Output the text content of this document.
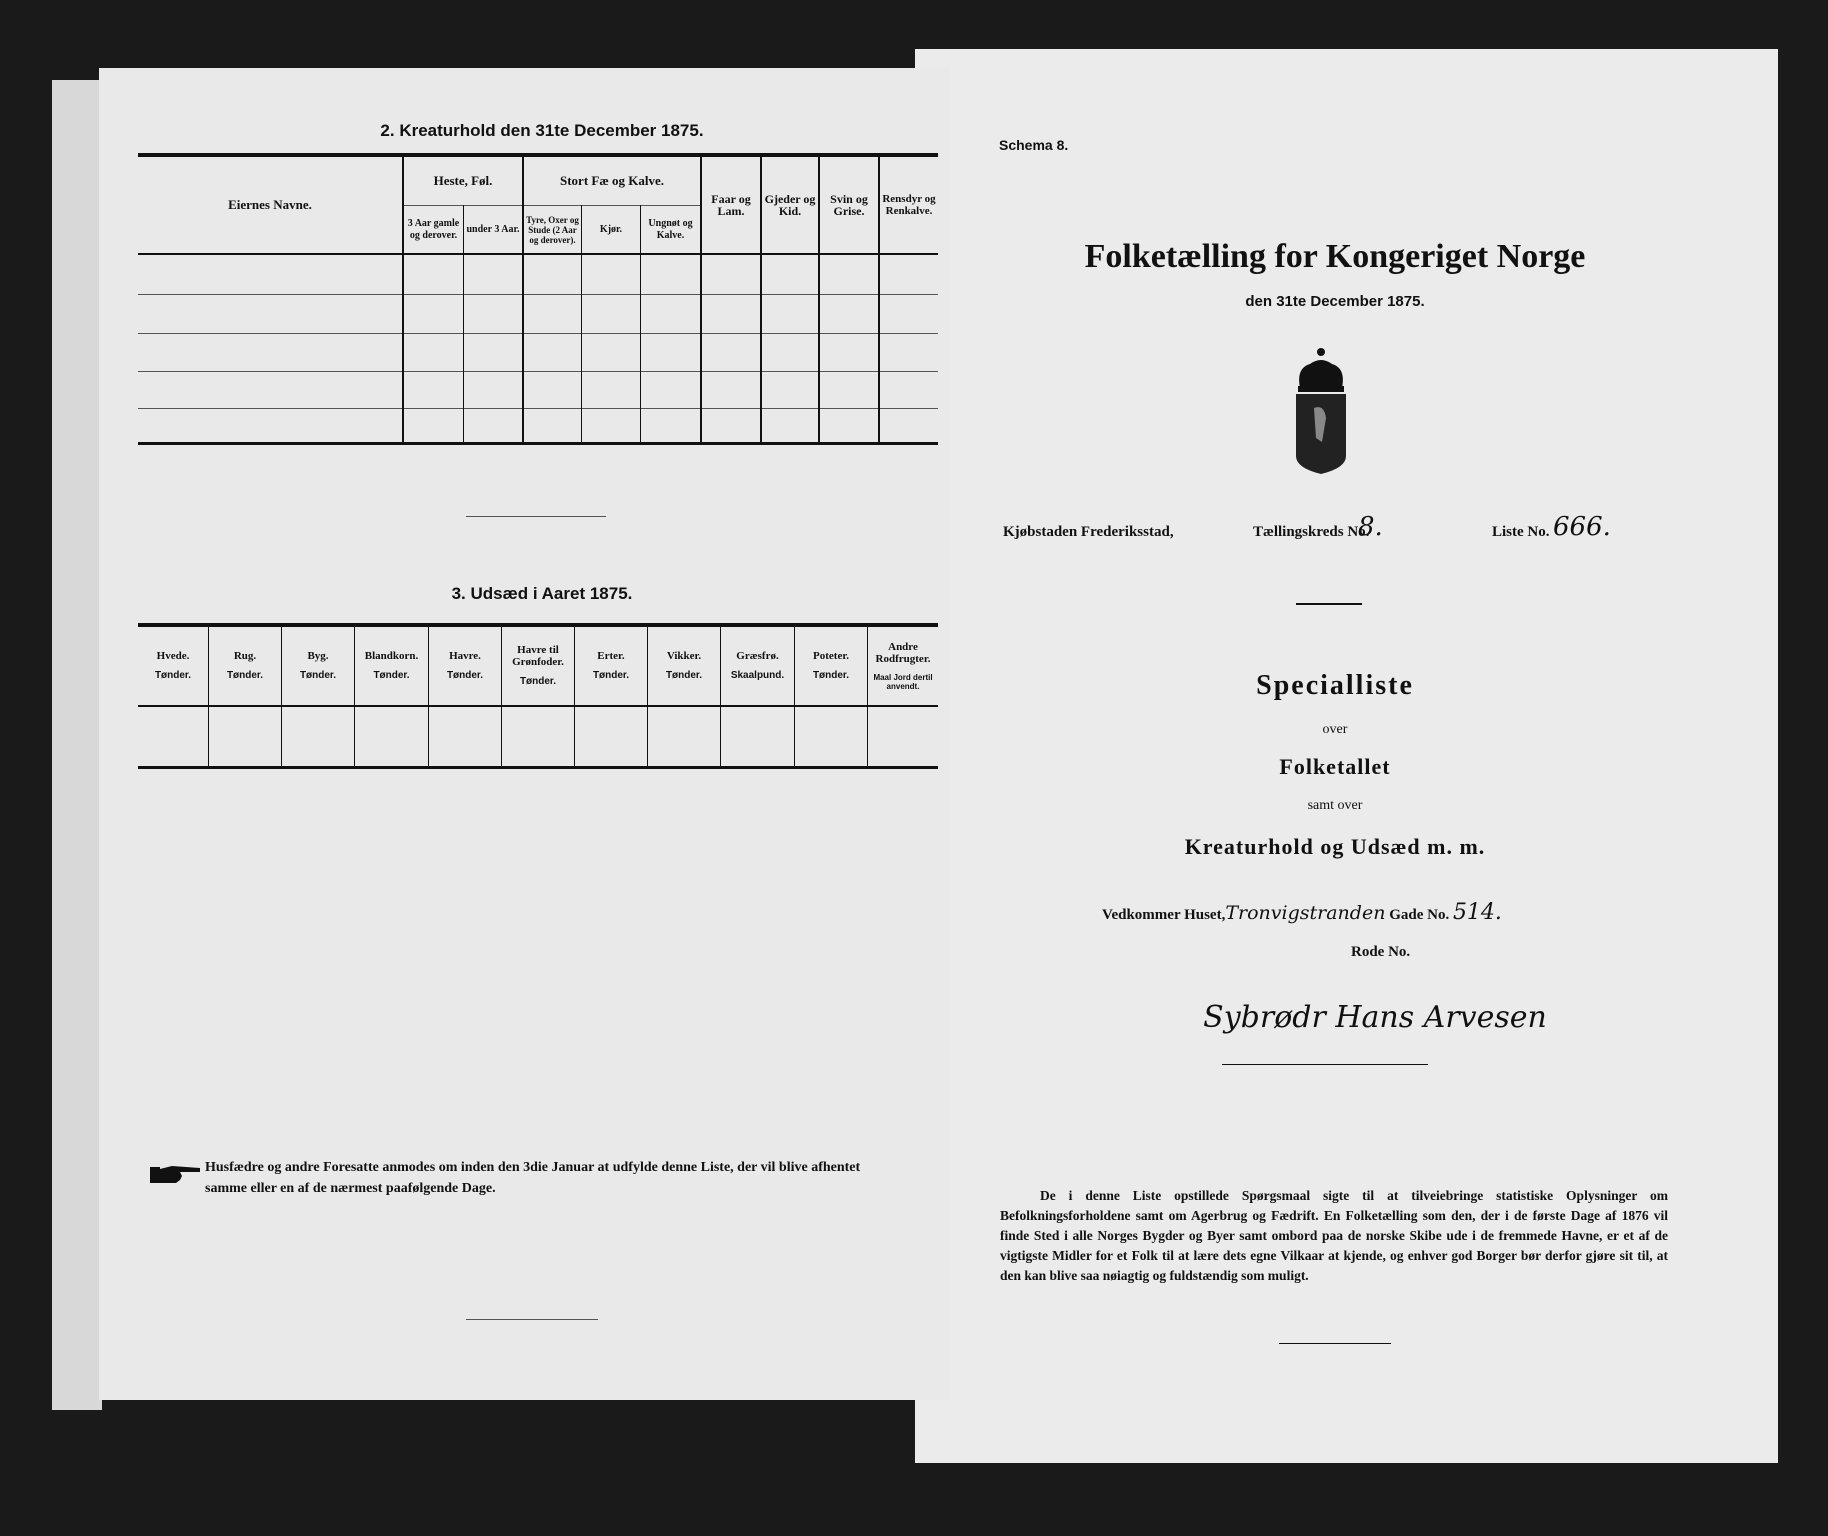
2. Kreaturhold den 31te December 1875.
Eiernes Navne.
Heste, Føl.
3 Aar gamle og derover.
under 3 Aar.
Stort Fæ og Kalve.
Tyre, Oxer og Stude (2 Aar og derover).
Kjør.
Ungnøt og Kalve.
Faar og Lam.
Gjeder og Kid.
Svin og Grise.
Rensdyr og Renkalve.
3. Udsæd i Aaret 1875.
Hvede.
Tønder.
Rug.
Tønder.
Byg.
Tønder.
Blandkorn.
Tønder.
Havre.
Tønder.
Havre til Grønfoder.
Tønder.
Erter.
Tønder.
Vikker.
Tønder.
Græsfrø.
Skaalpund.
Poteter.
Tønder.
Andre Rodfrugter.
Maal Jord dertil anvendt.
Husfædre og andre Foresatte anmodes om inden den 3die Januar at udfylde denne Liste, der vil blive afhentet samme eller en af de nærmest paafølgende Dage.
Schema 8.
Folketælling for Kongeriget Norge
den 31te December 1875.
Kjøbstaden Frederiksstad,	Tællingskreds No.
8.	Liste No. 666.
Specialliste
over
Folketallet
samt over
Kreaturhold og Udsæd m. m.
Vedkommer Huset,Tronvigstranden Gade No. 514.
Rode No.
Sybrødr Hans Arvesen
De i denne Liste opstillede Spørgsmaal sigte til at tilveiebringe statistiske Oplysninger om Befolkningsforholdene samt om Agerbrug og Fædrift. En Folketælling som den, der i de første Dage af 1876 vil finde Sted i alle Norges Bygder og Byer samt ombord paa de norske Skibe ude i de fremmede Havne, er et af de vigtigste Midler for et Folk til at lære dets egne Vilkaar at kjende, og enhver god Borger bør derfor gjøre sit til, at den kan blive saa nøiagtig og fuldstændig som muligt.
